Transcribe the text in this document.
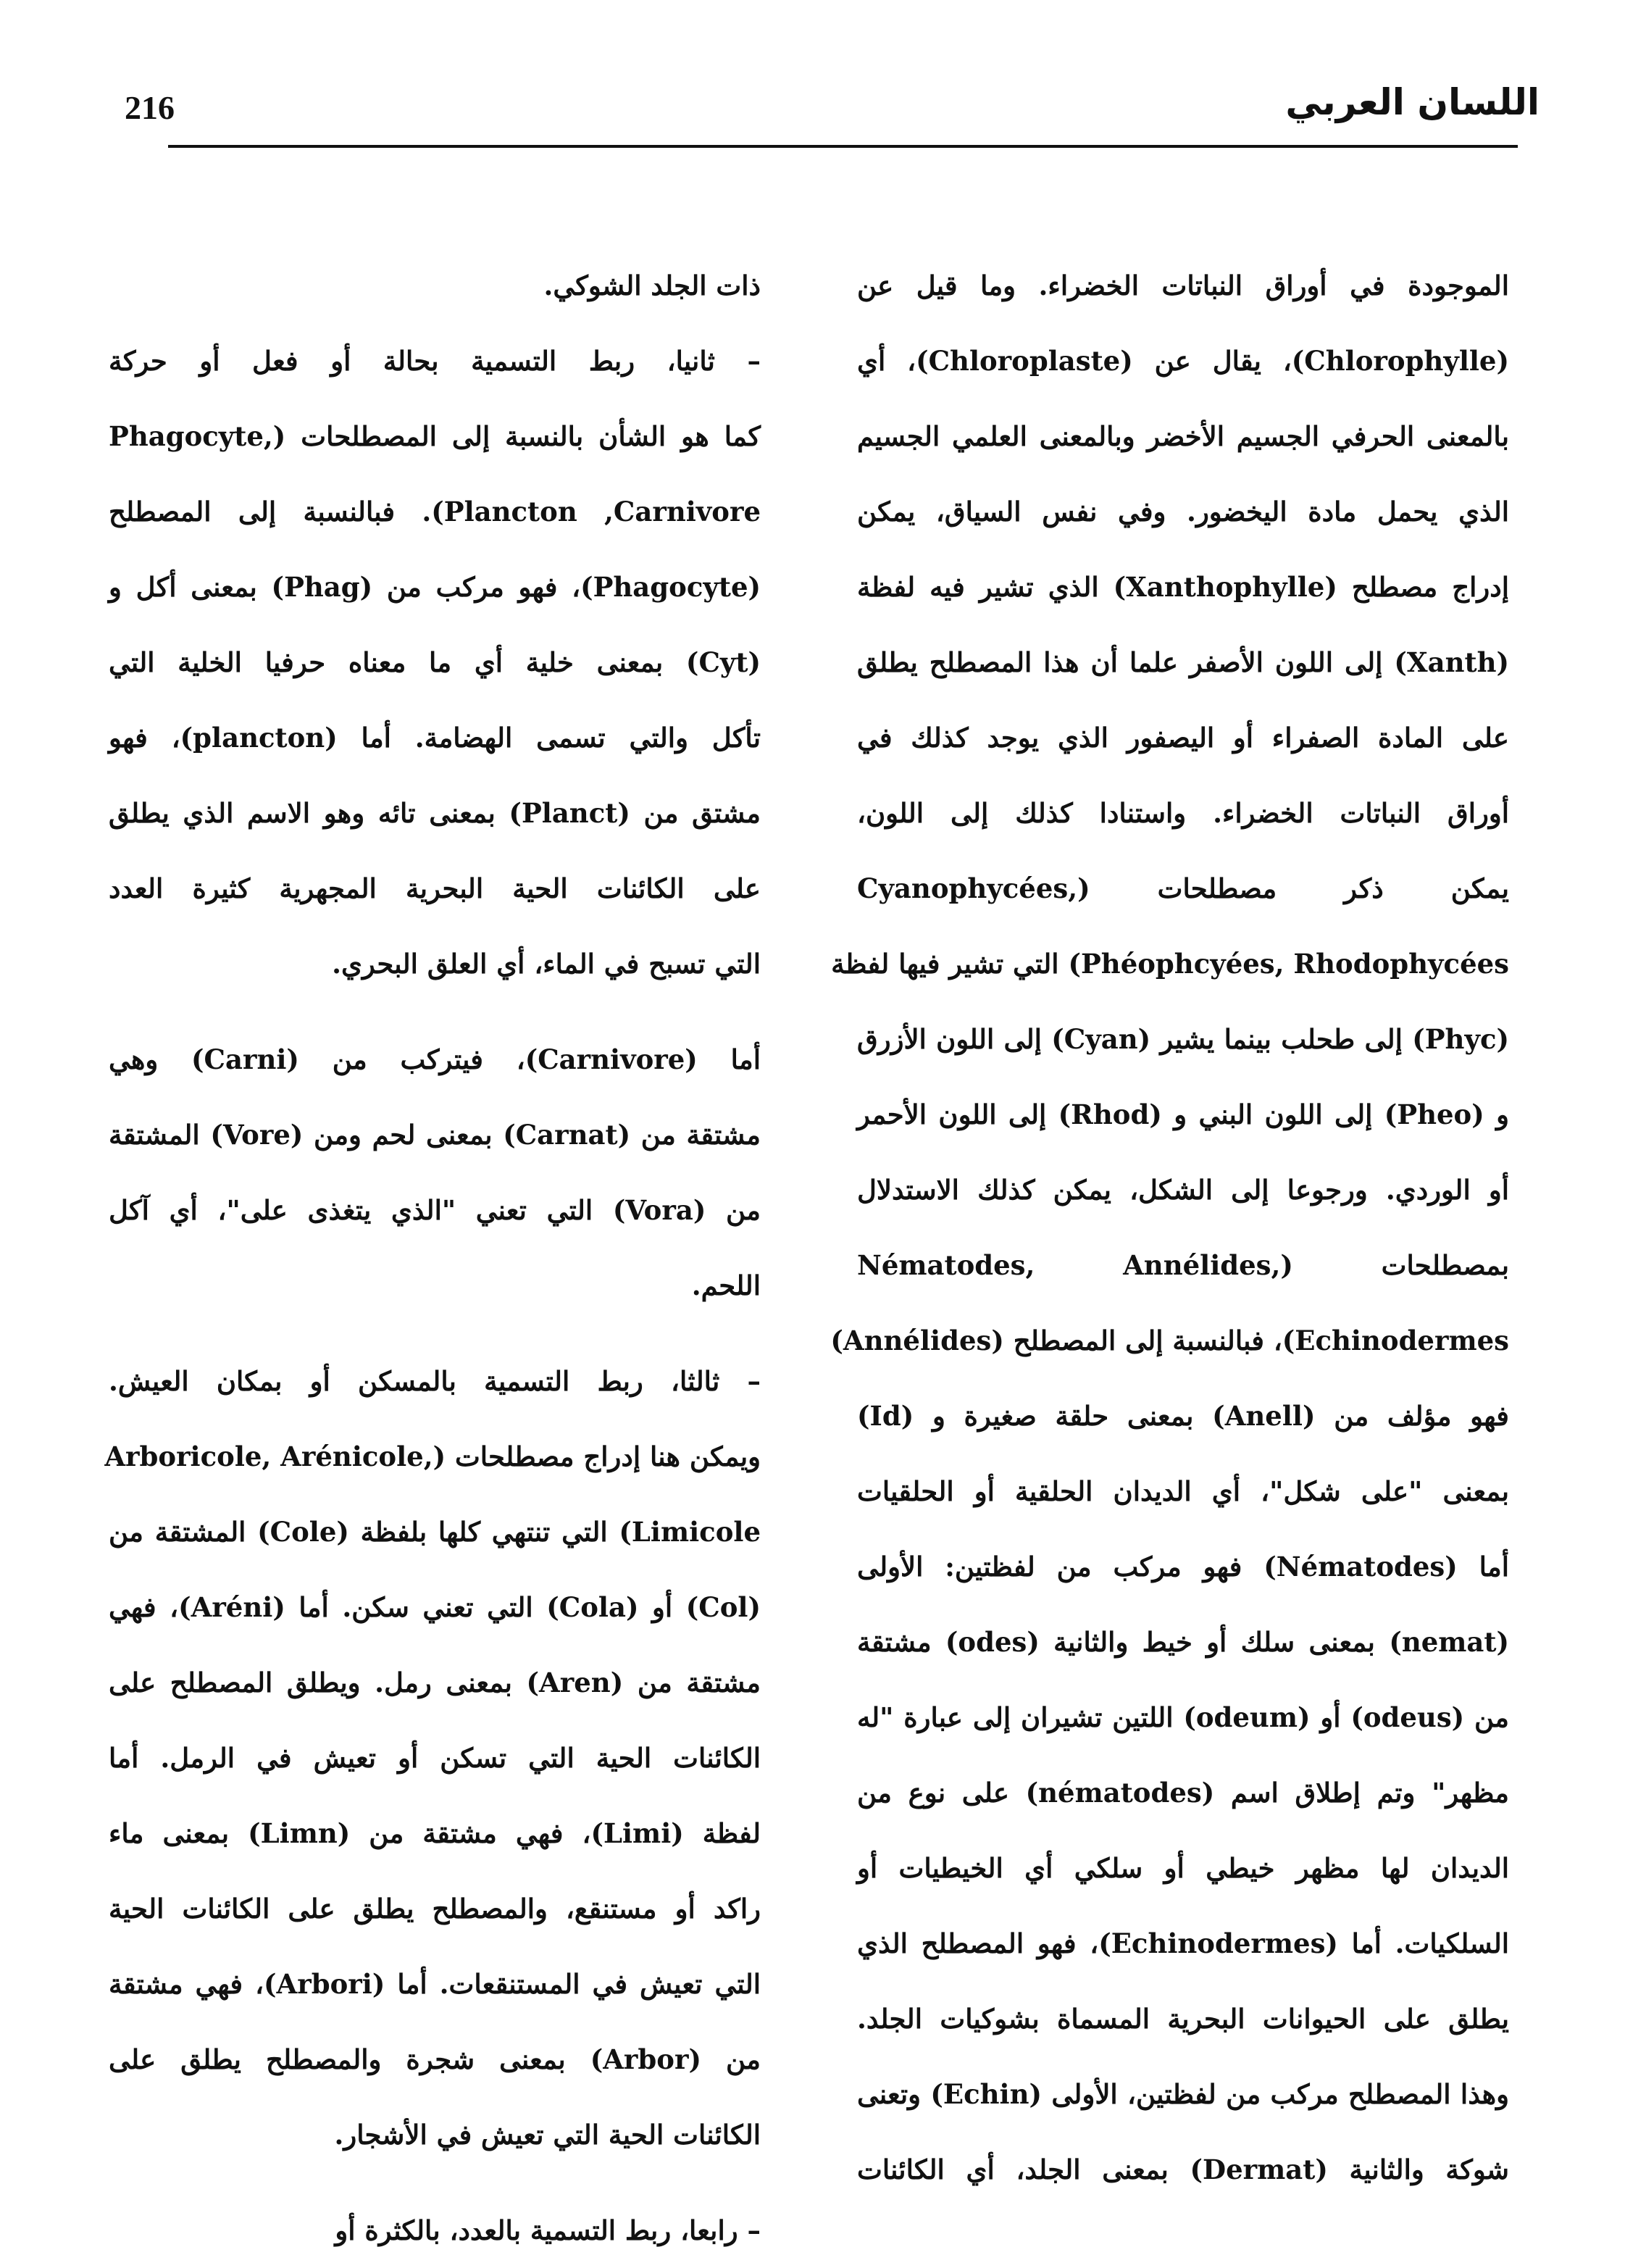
216	اللسان العربي

الموجودة في أوراق النباتات الخضراء. وما قيل عن
(Chlorophylle)، يقال عن (Chloroplaste)، أي
بالمعنى الحرفي الجسيم الأخضر وبالمعنى العلمي الجسيم
الذي يحمل مادة اليخضور. وفي نفس السياق، يمكن
إدراج مصطلح (Xanthophylle) الذي تشير فيه لفظة
(Xanth) إلى اللون الأصفر علما أن هذا المصطلح يطلق
على المادة الصفراء أو اليصفور الذي يوجد كذلك في
أوراق النباتات الخضراء. واستنادا كذلك إلى اللون،
يمكن ذكر مصطلحات (,Cyanophycées
Phéophcyées, Rhodophycées) التي تشير فيها لفظة
(Phyc) إلى طحلب بينما يشير (Cyan) إلى اللون الأزرق
و (Pheo) إلى اللون البني و (Rhod) إلى اللون الأحمر
أو الوردي. ورجوعا إلى الشكل، يمكن كذلك الاستدلال
بمصطلحات (,Nématodes, Annélides
Echinodermes)، فبالنسبة إلى المصطلح (Annélides)
فهو مؤلف من (Anell) بمعنى حلقة صغيرة و (Id)
بمعنى "على شكل"، أي الديدان الحلقية أو الحلقيات
أما (Nématodes) فهو مركب من لفظتين: الأولى
(nemat) بمعنى سلك أو خيط والثانية (odes) مشتقة
من (odeus) أو (odeum) اللتين تشيران إلى عبارة "له
مظهر" وتم إطلاق اسم (nématodes) على نوع من
الديدان لها مظهر خيطي أو سلكي أي الخيطيات أو
السلكيات. أما (Echinodermes)، فهو المصطلح الذي
يطلق على الحيوانات البحرية المسماة بشوكيات الجلد.
وهذا المصطلح مركب من لفظتين، الأولى (Echin) وتعنى
شوكة والثانية (Dermat) بمعنى الجلد، أي الكائنات

ذات الجلد الشوكي.

– ثانيا، ربط التسمية بحالة أو فعل أو حركة
كما هو الشأن بالنسبة إلى المصطلحات (,Phagocyte
Plancton ,Carnivore). فبالنسبة إلى المصطلح
(Phagocyte)، فهو مركب من (Phag) بمعنى أكل و
(Cyt) بمعنى خلية أي ما معناه حرفيا الخلية التي
تأكل والتي تسمى الهضامة. أما (plancton)، فهو
مشتق من (Planct) بمعنى تائه وهو الاسم الذي يطلق
على الكائنات الحية البحرية المجهرية كثيرة العدد
التي تسبح في الماء، أي العلق البحري.

أما (Carnivore)، فيتركب من (Carni) وهي
مشتقة من (Carnat) بمعنى لحم ومن (Vore) المشتقة
من (Vora) التي تعني "الذي يتغذى على"، أي آكل
اللحم.

– ثالثا، ربط التسمية بالمسكن أو بمكان العيش.
ويمكن هنا إدراج مصطلحات (,Arboricole, Arénicole
Limicole) التي تنتهي كلها بلفظة (Cole) المشتقة من
(Col) أو (Cola) التي تعني سكن. أما (Aréni)، فهي
مشتقة من (Aren) بمعنى رمل. ويطلق المصطلح على
الكائنات الحية التي تسكن أو تعيش في الرمل. أما
لفظة (Limi)، فهي مشتقة من (Limn) بمعنى ماء
راكد أو مستنقع، والمصطلح يطلق على الكائنات الحية
التي تعيش في المستنقعات. أما (Arbori)، فهي مشتقة
من (Arbor) بمعنى شجرة والمصطلح يطلق على
الكائنات الحية التي تعيش في الأشجار.

– رابعا، ربط التسمية بالعدد، بالكثرة أو
